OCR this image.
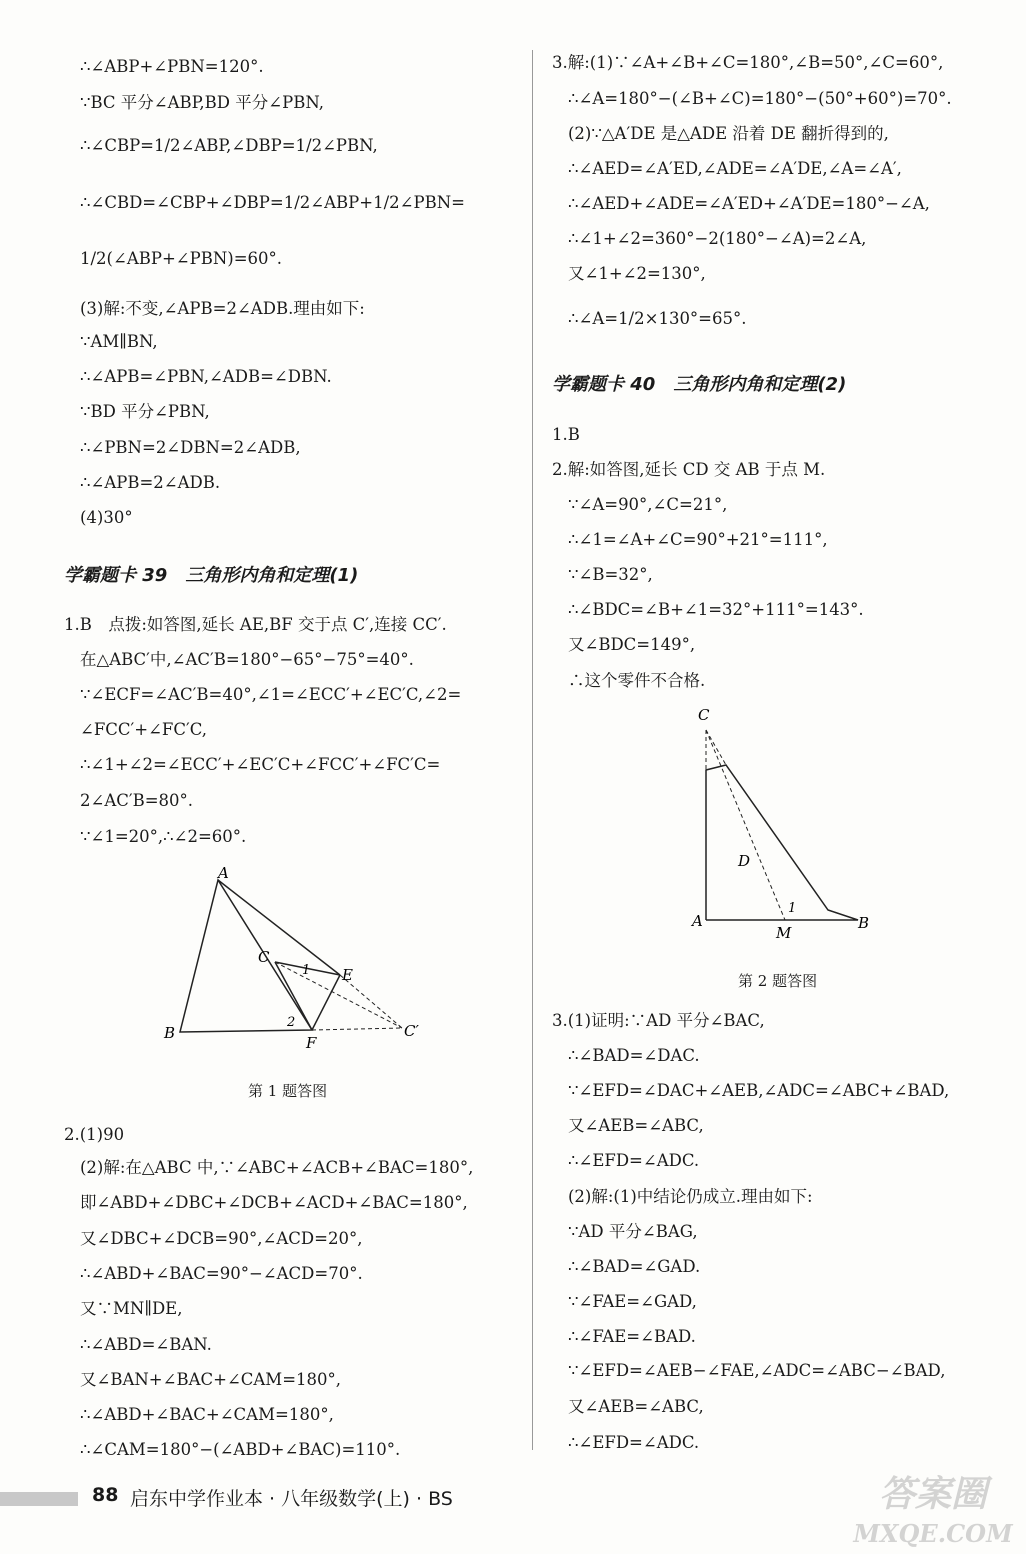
∴∠ABP+∠PBN=120°.
∵BC 平分∠ABP,BD 平分∠PBN,
∴∠CBP=1/2∠ABP,∠DBP=1/2∠PBN,
∴∠CBD=∠CBP+∠DBP=1/2∠ABP+1/2∠PBN=
1/2(∠ABP+∠PBN)=60°.
(3)解:不变,∠APB=2∠ADB.理由如下:
∵AM∥BN,
∴∠APB=∠PBN,∠ADB=∠DBN.
∵BD 平分∠PBN,
∴∠PBN=2∠DBN=2∠ADB,
∴∠APB=2∠ADB.
(4)30°
学霸题卡 39　三角形内角和定理(1)
1.B　点拨:如答图,延长 AE,BF 交于点 C′,连接 CC′.
在△ABC′中,∠AC′B=180°−65°−75°=40°.
∵∠ECF=∠AC′B=40°,∠1=∠ECC′+∠EC′C,∠2=
∠FCC′+∠FC′C,
∴∠1+∠2=∠ECC′+∠EC′C+∠FCC′+∠FC′C=
2∠AC′B=80°.
∵∠1=20°,∴∠2=60°.
A
B
C
E
F
C′
1
2
第 1 题答图
2.(1)90
(2)解:在△ABC 中,∵∠ABC+∠ACB+∠BAC=180°,
即∠ABD+∠DBC+∠DCB+∠ACD+∠BAC=180°,
又∠DBC+∠DCB=90°,∠ACD=20°,
∴∠ABD+∠BAC=90°−∠ACD=70°.
又∵MN∥DE,
∴∠ABD=∠BAN.
又∠BAN+∠BAC+∠CAM=180°,
∴∠ABD+∠BAC+∠CAM=180°,
∴∠CAM=180°−(∠ABD+∠BAC)=110°.
3.解:(1)∵∠A+∠B+∠C=180°,∠B=50°,∠C=60°,
∴∠A=180°−(∠B+∠C)=180°−(50°+60°)=70°.
(2)∵△A′DE 是△ADE 沿着 DE 翻折得到的,
∴∠AED=∠A′ED,∠ADE=∠A′DE,∠A=∠A′,
∴∠AED+∠ADE=∠A′ED+∠A′DE=180°−∠A,
∴∠1+∠2=360°−2(180°−∠A)=2∠A,
又∠1+∠2=130°,
∴∠A=1/2×130°=65°.
学霸题卡 40　三角形内角和定理(2)
1.B
2.解:如答图,延长 CD 交 AB 于点 M.
∵∠A=90°,∠C=21°,
∴∠1=∠A+∠C=90°+21°=111°,
∵∠B=32°,
∴∠BDC=∠B+∠1=32°+111°=143°.
又∠BDC=149°,
∴这个零件不合格.
C
D
A
M
B
1
第 2 题答图
3.(1)证明:∵AD 平分∠BAC,
∴∠BAD=∠DAC.
∵∠EFD=∠DAC+∠AEB,∠ADC=∠ABC+∠BAD,
又∠AEB=∠ABC,
∴∠EFD=∠ADC.
(2)解:(1)中结论仍成立.理由如下:
∵AD 平分∠BAG,
∴∠BAD=∠GAD.
∵∠FAE=∠GAD,
∴∠FAE=∠BAD.
∵∠EFD=∠AEB−∠FAE,∠ADC=∠ABC−∠BAD,
又∠AEB=∠ABC,
∴∠EFD=∠ADC.
88 启东中学作业本 · 八年级数学(上) · BS	答案圈
MXQE.COM
